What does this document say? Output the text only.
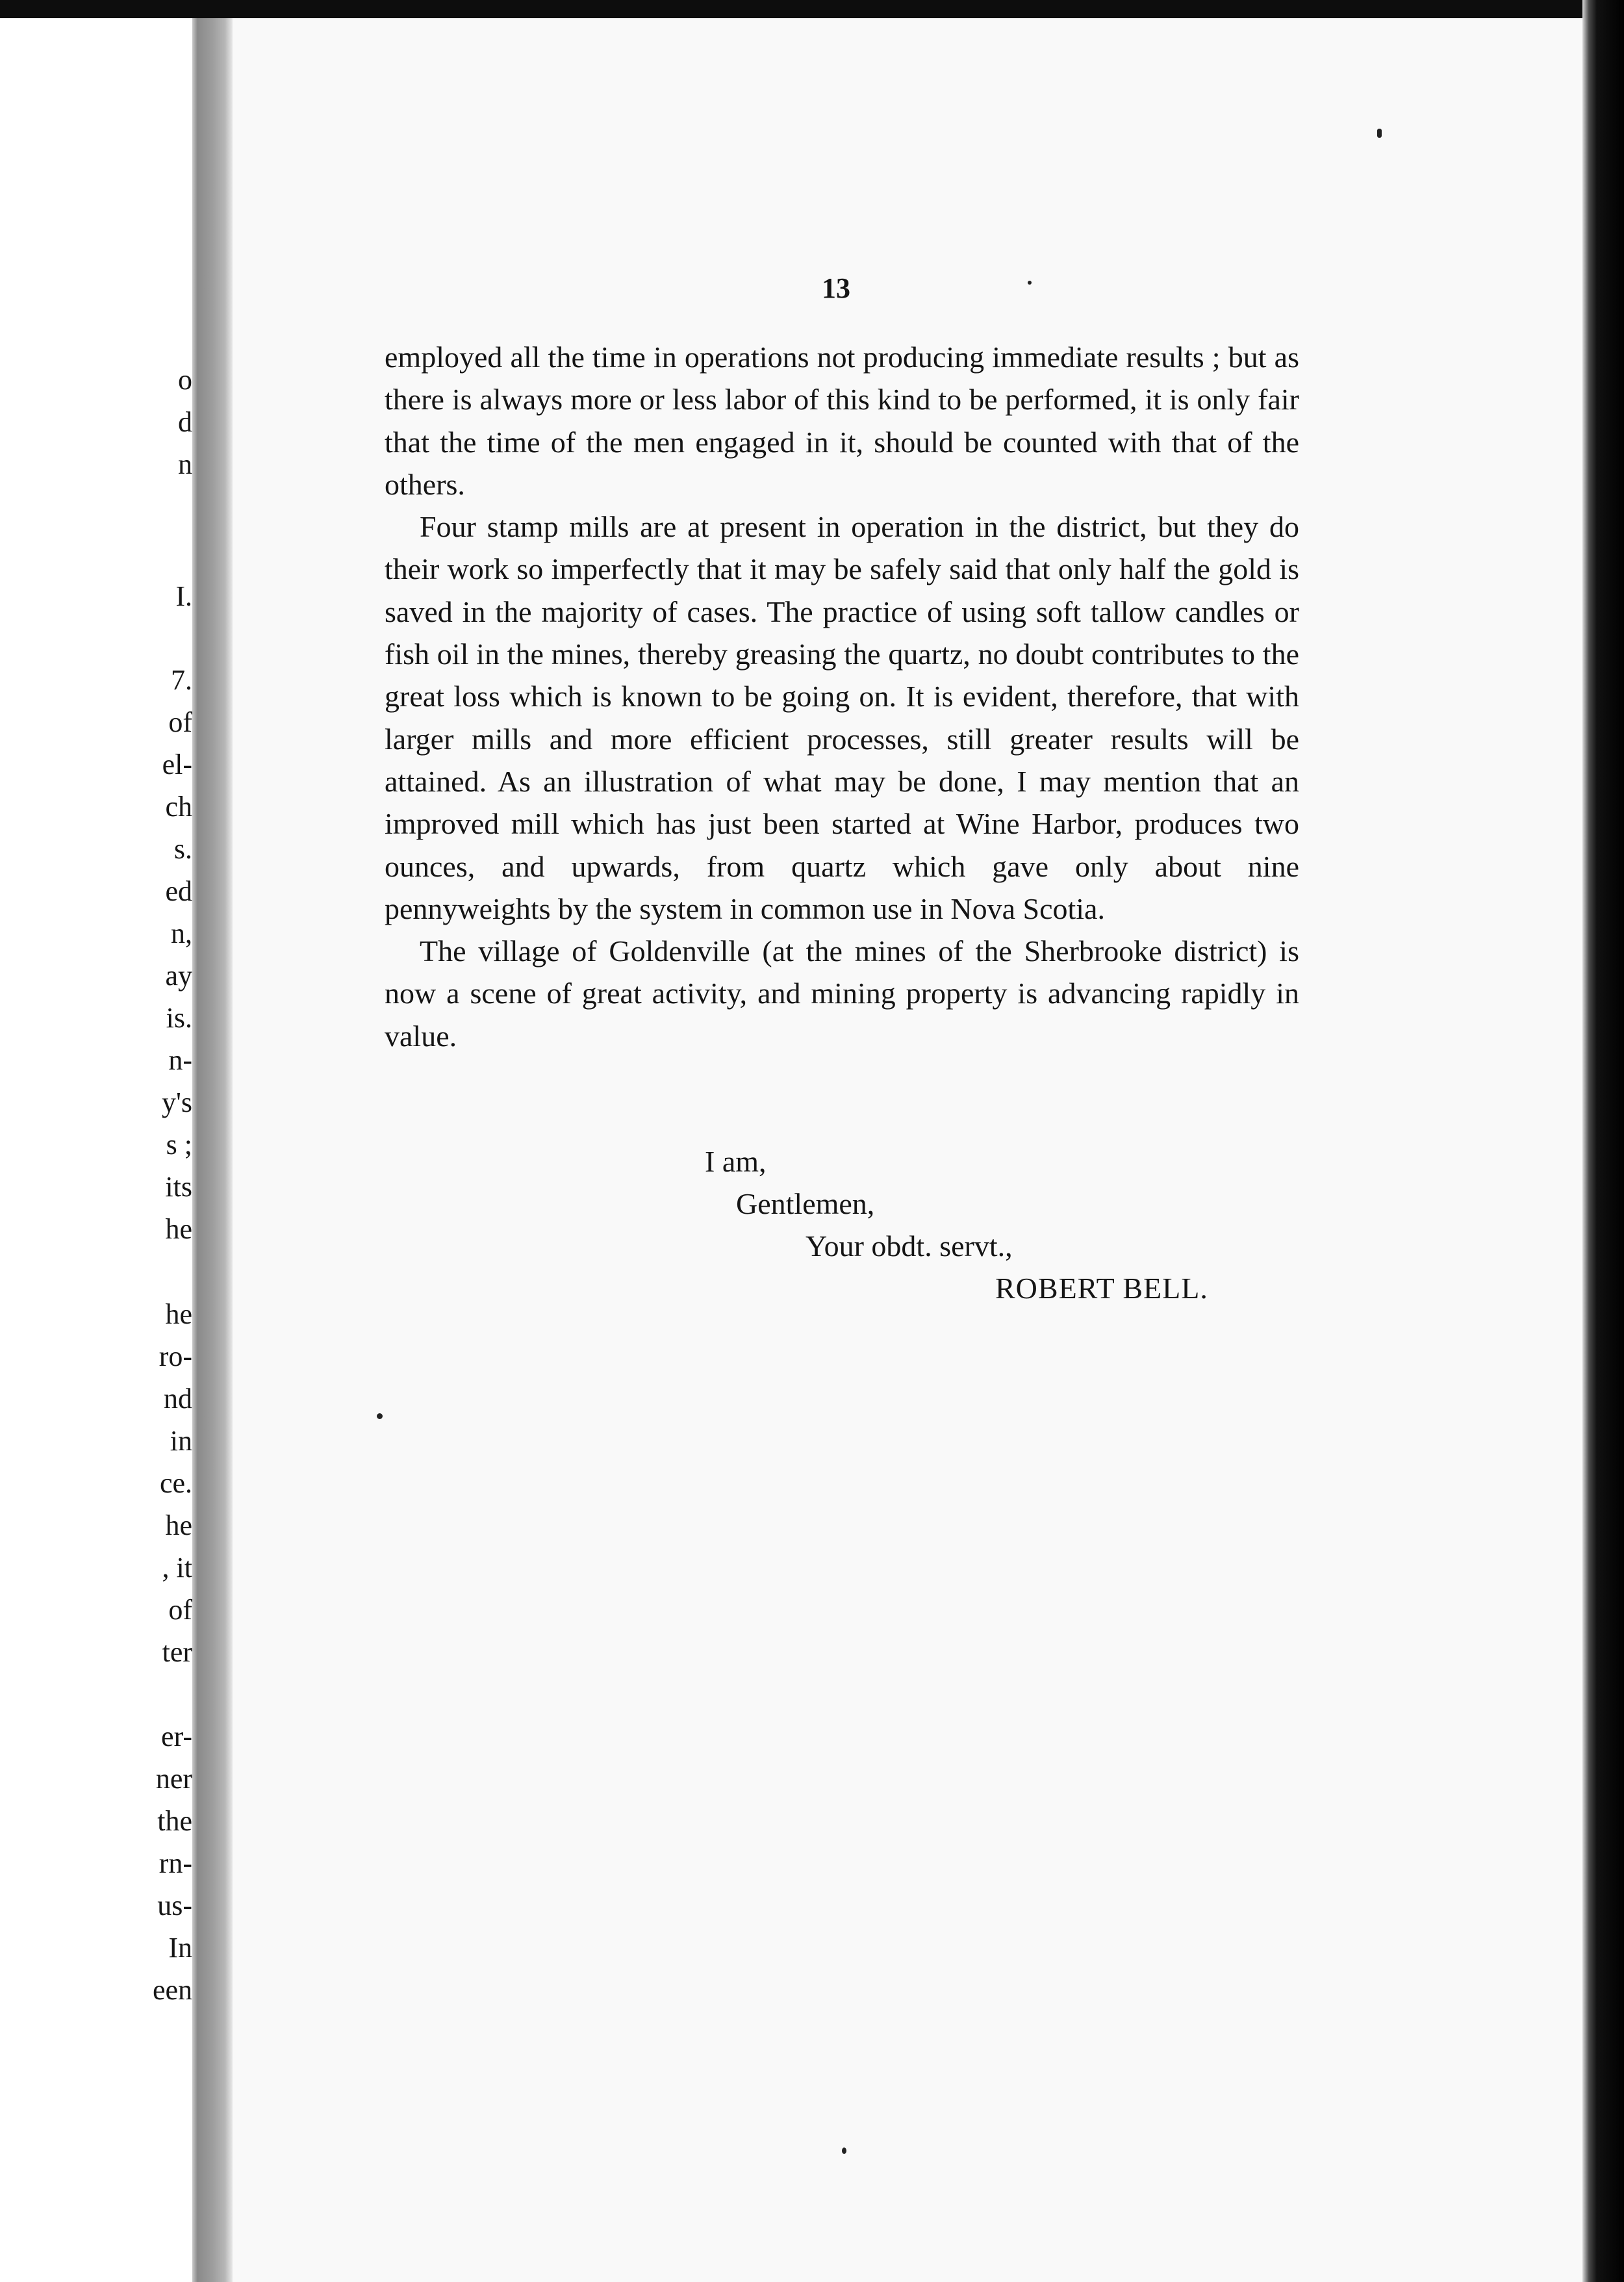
o
d
n
I.
7.
of
el-
ch
s.
ed
n,
ay
is.
n-
y's
s ;
its
he
he
ro-
nd
in
ce.
he
, it
of
ter
er-
ner
the
rn-
us-
In
een
13

employed all the time in operations not producing immediate results ; but as there is always more or less labor of this kind to be performed, it is only fair that the time of the men engaged in it, should be counted with that of the others.

Four stamp mills are at present in operation in the district, but they do their work so imperfectly that it may be safely said that only half the gold is saved in the majority of cases. The practice of using soft tallow candles or fish oil in the mines, thereby greasing the quartz, no doubt contributes to the great loss which is known to be going on. It is evident, therefore, that with larger mills and more efficient processes, still greater results will be attained. As an illustration of what may be done, I may mention that an improved mill which has just been started at Wine Harbor, produces two ounces, and upwards, from quartz which gave only about nine pennyweights by the system in common use in Nova Scotia.

The village of Goldenville (at the mines of the Sherbrooke district) is now a scene of great activity, and mining property is advancing rapidly in value.

I am,
Gentlemen,
Your obdt. servt.,
ROBERT BELL.
